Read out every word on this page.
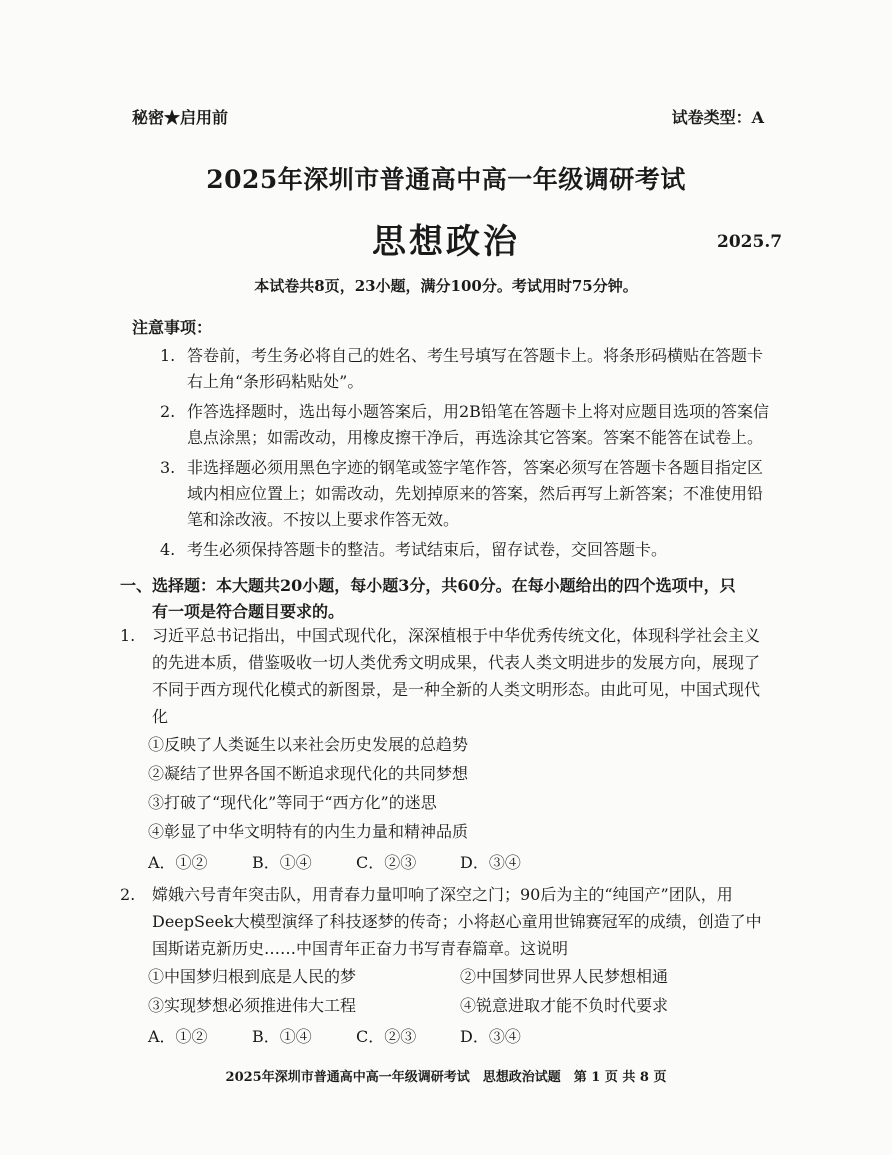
秘密★启用前	试卷类型：A
2025年深圳市普通高中高一年级调研考试
思想政治	2025.7
本试卷共8页，23小题，满分100分。考试用时75分钟。
注意事项：
1. 答卷前，考生务必将自己的姓名、考生号填写在答题卡上。将条形码横贴在答题卡右上角“条形码粘贴处”。
2. 作答选择题时，选出每小题答案后，用2B铅笔在答题卡上将对应题目选项的答案信息点涂黑；如需改动，用橡皮擦干净后，再选涂其它答案。答案不能答在试卷上。
3. 非选择题必须用黑色字迹的钢笔或签字笔作答，答案必须写在答题卡各题目指定区域内相应位置上；如需改动，先划掉原来的答案，然后再写上新答案；不准使用铅笔和涂改液。不按以上要求作答无效。
4. 考生必须保持答题卡的整洁。考试结束后，留存试卷，交回答题卡。
一、选择题：本大题共20小题，每小题3分，共60分。在每小题给出的四个选项中，只
有一项是符合题目要求的。
1. 习近平总书记指出，中国式现代化，深深植根于中华优秀传统文化，体现科学社会主义的先进本质，借鉴吸收一切人类优秀文明成果，代表人类文明进步的发展方向，展现了不同于西方现代化模式的新图景，是一种全新的人类文明形态。由此可见，中国式现代化
①反映了人类诞生以来社会历史发展的总趋势
②凝结了世界各国不断追求现代化的共同梦想
③打破了“现代化”等同于“西方化”的迷思
④彰显了中华文明特有的内生力量和精神品质
A．①②	B．①④	C．②③	D．③④
2. 嫦娥六号青年突击队，用青春力量叩响了深空之门；90后为主的“纯国产”团队，用DeepSeek大模型演绎了科技逐梦的传奇；小将赵心童用世锦赛冠军的成绩，创造了中国斯诺克新历史……中国青年正奋力书写青春篇章。这说明
①中国梦归根到底是人民的梦	②中国梦同世界人民梦想相通
③实现梦想必须推进伟大工程	④锐意进取才能不负时代要求
A．①②	B．①④	C．②③	D．③④
2025年深圳市普通高中高一年级调研考试　思想政治试题　第 1 页 共 8 页
